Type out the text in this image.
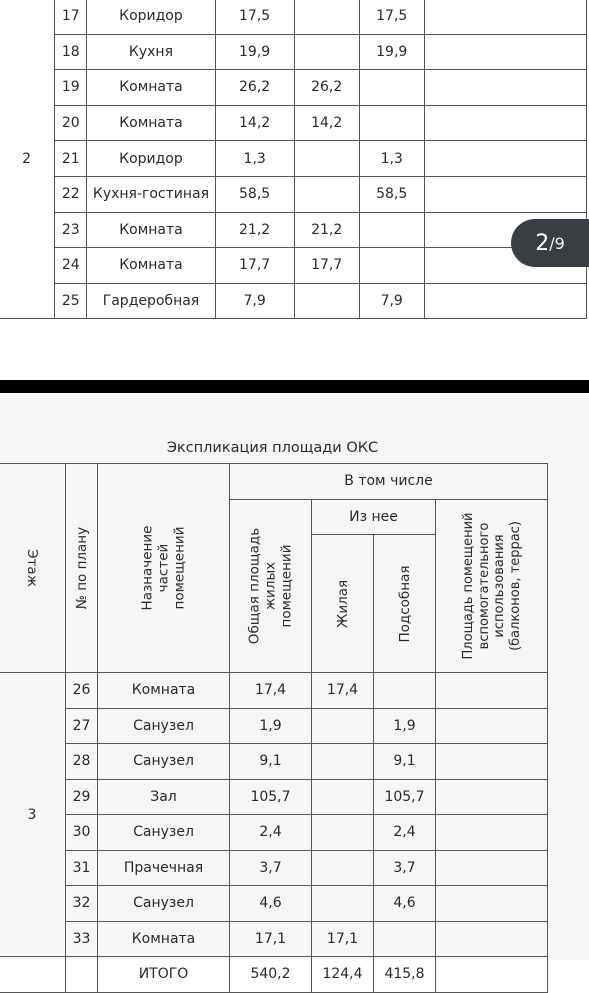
2	17	Коридор	17,5		17,5	
	18	Кухня	19,9		19,9	
	19	Комната	26,2	26,2		
	20	Комната	14,2	14,2		
	21	Коридор	1,3		1,3	
	22	Кухня-гостиная	58,5		58,5	
	23	Комната	21,2	21,2		
	24	Комната	17,7	17,7		
	25	Гардеробная	7,9		7,9	
2 /9
Экспликация площади ОКС
Этаж	№ по плану	Назначение частей помещений	В том числе			

			Общая площадь жилых помещений	Из нее		Площадь помещений вспомогательного использования (балконов, террас)

				Жилая	Подсобная	

3	26	Комната	17,4	17,4		
	27	Санузел	1,9		1,9	
	28	Санузел	9,1		9,1	
	29	Зал	105,7		105,7	
	30	Санузел	2,4		2,4	
	31	Прачечная	3,7		3,7	
	32	Санузел	4,6		4,6	
	33	Комната	17,1	17,1		
		ИТОГО	540,2	124,4	415,8	
